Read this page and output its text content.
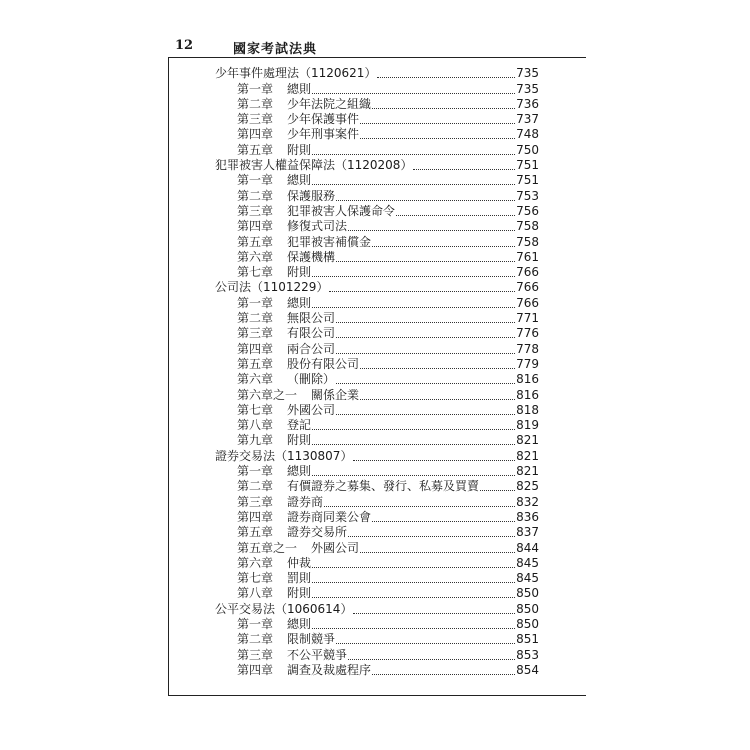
12	國家考試法典
少年事件處理法（1120621）	735
第一章	總則	735
第二章	少年法院之組織	736
第三章	少年保護事件	737
第四章	少年刑事案件	748
第五章	附則	750
犯罪被害人權益保障法（1120208）	751
第一章	總則	751
第二章	保護服務	753
第三章	犯罪被害人保護命令	756
第四章	修復式司法	758
第五章	犯罪被害補償金	758
第六章	保護機構	761
第七章	附則	766
公司法（1101229）	766
第一章	總則	766
第二章	無限公司	771
第三章	有限公司	776
第四章	兩合公司	778
第五章	股份有限公司	779
第六章	（刪除）	816
第六章之一	關係企業	816
第七章	外國公司	818
第八章	登記	819
第九章	附則	821
證券交易法（1130807）	821
第一章	總則	821
第二章	有價證券之募集、發行、私募及買賣	825
第三章	證券商	832
第四章	證券商同業公會	836
第五章	證券交易所	837
第五章之一	外國公司	844
第六章	仲裁	845
第七章	罰則	845
第八章	附則	850
公平交易法（1060614）	850
第一章	總則	850
第二章	限制競爭	851
第三章	不公平競爭	853
第四章	調查及裁處程序	854
